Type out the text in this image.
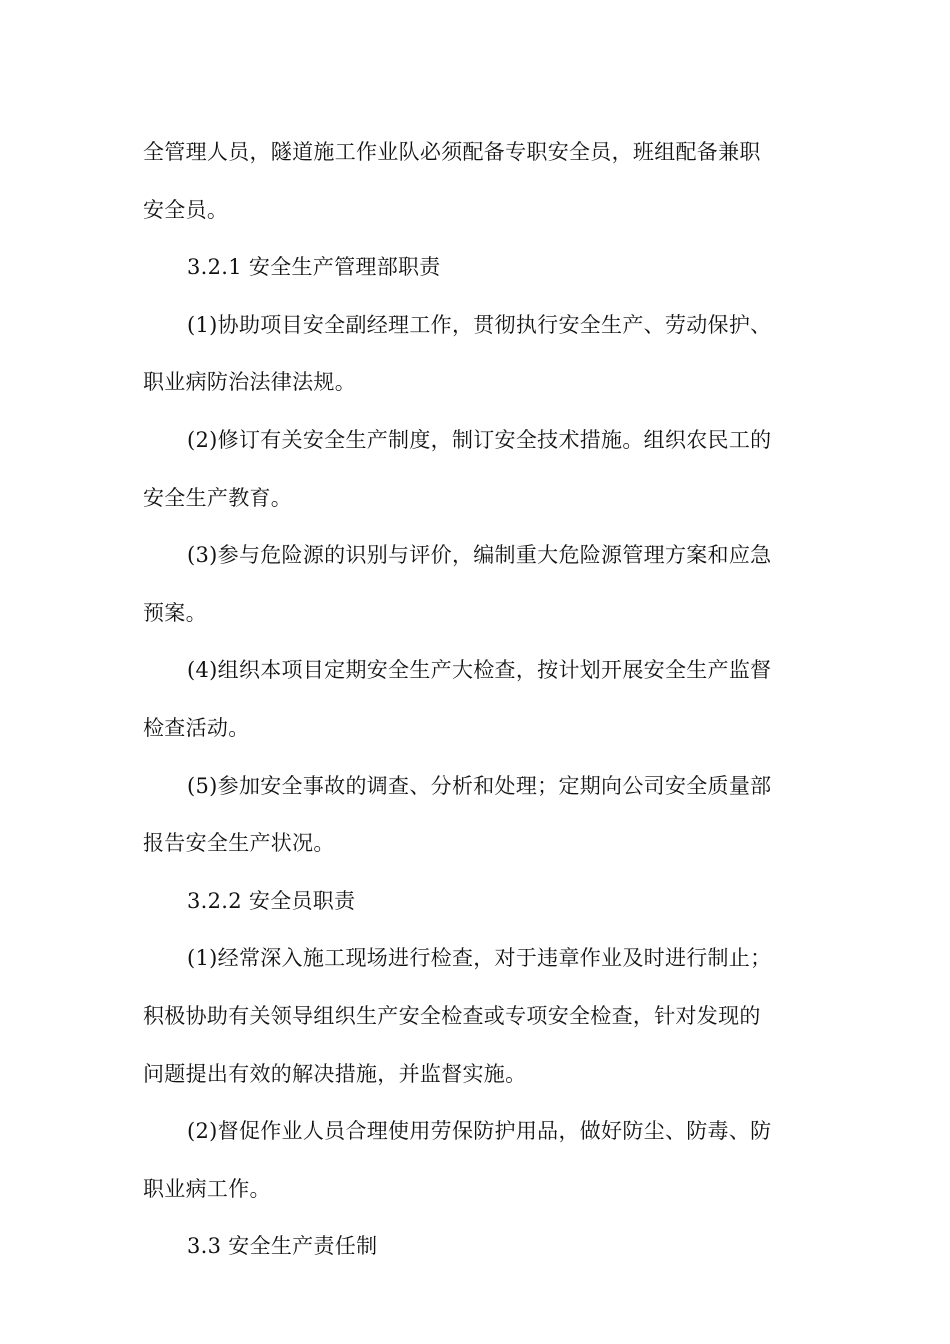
全管理人员，隧道施工作业队必须配备专职安全员，班组配备兼职
安全员。
3.2.1 安全生产管理部职责
(1)协助项目安全副经理工作，贯彻执行安全生产、劳动保护、
职业病防治法律法规。
(2)修订有关安全生产制度，制订安全技术措施。组织农民工的
安全生产教育。
(3)参与危险源的识别与评价，编制重大危险源管理方案和应急
预案。
(4)组织本项目定期安全生产大检查，按计划开展安全生产监督
检查活动。
(5)参加安全事故的调查、分析和处理；定期向公司安全质量部
报告安全生产状况。
3.2.2 安全员职责
(1)经常深入施工现场进行检查，对于违章作业及时进行制止；
积极协助有关领导组织生产安全检查或专项安全检查，针对发现的
问题提出有效的解决措施，并监督实施。
(2)督促作业人员合理使用劳保防护用品，做好防尘、防毒、防
职业病工作。
3.3 安全生产责任制
